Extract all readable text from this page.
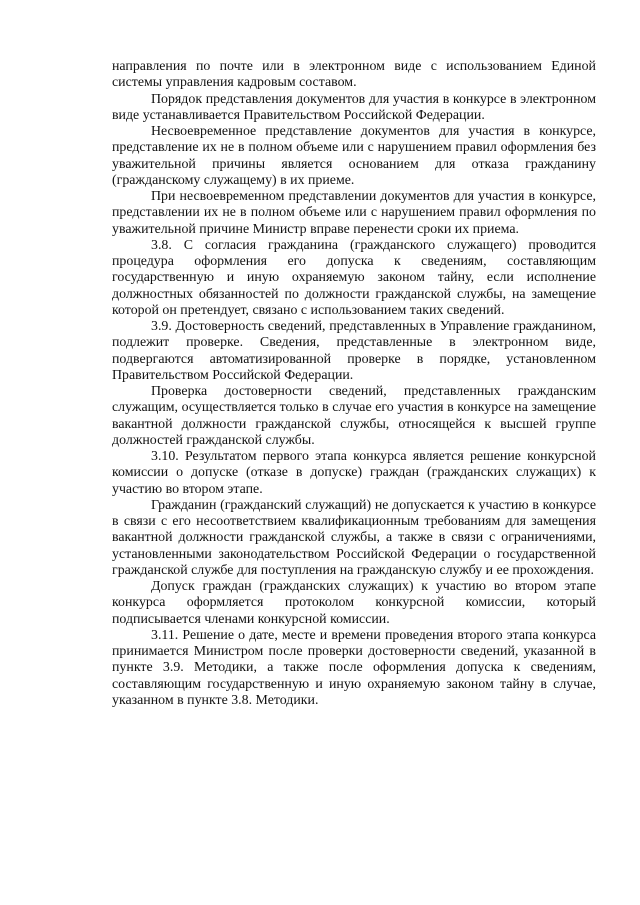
направления по почте или в электронном виде с использованием Единой системы управления кадровым составом.

Порядок представления документов для участия в конкурсе в электронном виде устанавливается Правительством Российской Федерации.

Несвоевременное представление документов для участия в конкурсе, представление их не в полном объеме или с нарушением правил оформления без уважительной причины является основанием для отказа гражданину (гражданскому служащему) в их приеме.

При несвоевременном представлении документов для участия в конкурсе, представлении их не в полном объеме или с нарушением правил оформления по уважительной причине Министр вправе перенести сроки их приема.

3.8. С согласия гражданина (гражданского служащего) проводится процедура оформления его допуска к сведениям, составляющим государственную и иную охраняемую законом тайну, если исполнение должностных обязанностей по должности гражданской службы, на замещение которой он претендует, связано с использованием таких сведений.

3.9. Достоверность сведений, представленных в Управление гражданином, подлежит проверке. Сведения, представленные в электронном виде, подвергаются автоматизированной проверке в порядке, установленном Правительством Российской Федерации.

Проверка достоверности сведений, представленных гражданским служащим, осуществляется только в случае его участия в конкурсе на замещение вакантной должности гражданской службы, относящейся к высшей группе должностей гражданской службы.

3.10. Результатом первого этапа конкурса является решение конкурсной комиссии о допуске (отказе в допуске) граждан (гражданских служащих) к участию во втором этапе.

Гражданин (гражданский служащий) не допускается к участию в конкурсе в связи с его несоответствием квалификационным требованиям для замещения вакантной должности гражданской службы, а также в связи с ограничениями, установленными законодательством Российской Федерации о государственной гражданской службе для поступления на гражданскую службу и ее прохождения.

Допуск граждан (гражданских служащих) к участию во втором этапе конкурса оформляется протоколом конкурсной комиссии, который подписывается членами конкурсной комиссии.

3.11. Решение о дате, месте и времени проведения второго этапа конкурса принимается Министром после проверки достоверности сведений, указанной в пункте 3.9. Методики, а также после оформления допуска к сведениям, составляющим государственную и иную охраняемую законом тайну в случае, указанном в пункте 3.8. Методики.
